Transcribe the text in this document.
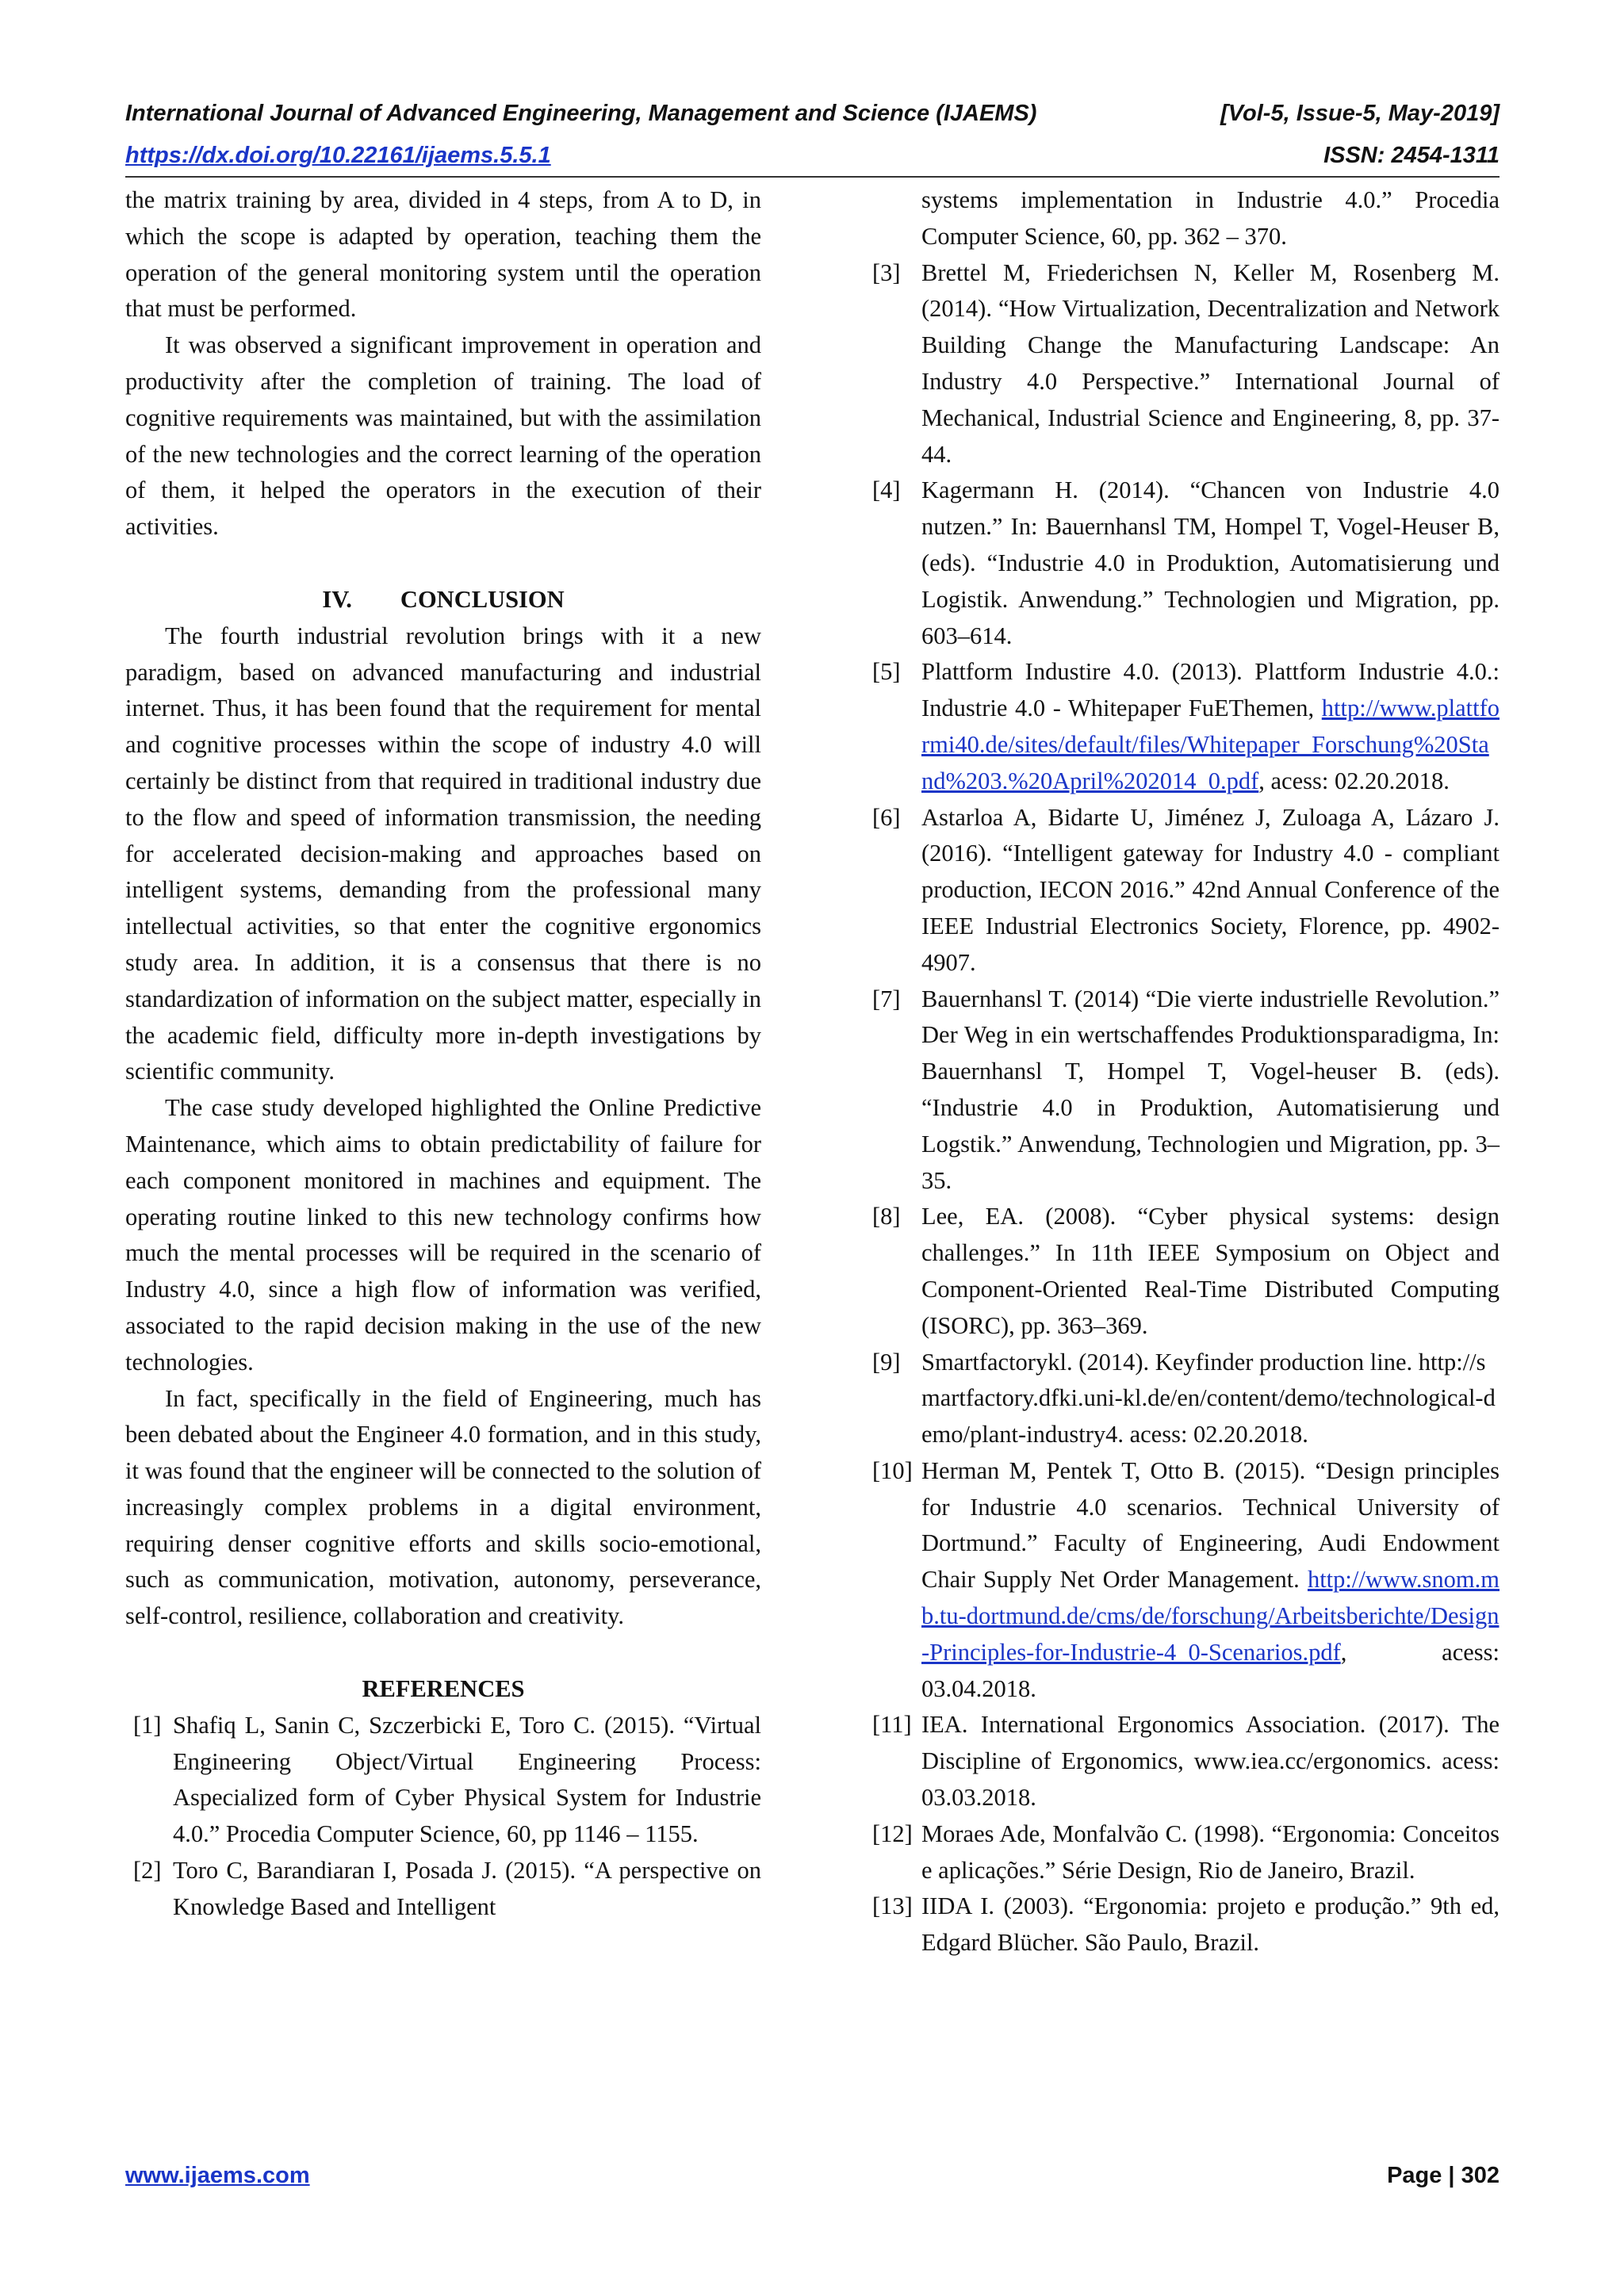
International Journal of Advanced Engineering, Management and Science (IJAEMS)	[Vol-5, Issue-5, May-2019]
https://dx.doi.org/10.22161/ijaems.5.5.1	ISSN: 2454-1311

the matrix training by area, divided in 4 steps, from A to D, in which the scope is adapted by operation, teaching them the operation of the general monitoring system until the operation that must be performed.

It was observed a significant improvement in operation and productivity after the completion of training. The load of cognitive requirements was maintained, but with the assimilation of the new technologies and the correct learning of the operation of them, it helped the operators in the execution of their activities.

IV.        CONCLUSION

The fourth industrial revolution brings with it a new paradigm, based on advanced manufacturing and industrial internet. Thus, it has been found that the requirement for mental and cognitive processes within the scope of industry 4.0 will certainly be distinct from that required in traditional industry due to the flow and speed of information transmission, the needing for accelerated decision-making and approaches based on intelligent systems, demanding from the professional many intellectual activities, so that enter the cognitive ergonomics study area. In addition, it is a consensus that there is no standardization of information on the subject matter, especially in the academic field, difficulty more in-depth investigations by scientific community.

The case study developed highlighted the Online Predictive Maintenance, which aims to obtain predictability of failure for each component monitored in machines and equipment. The operating routine linked to this new technology confirms how much the mental processes will be required in the scenario of Industry 4.0, since a high flow of information was verified, associated to the rapid decision making in the use of the new technologies.

In fact, specifically in the field of Engineering, much has been debated about the Engineer 4.0 formation, and in this study, it was found that the engineer will be connected to the solution of increasingly complex problems in a digital environment, requiring denser cognitive efforts and skills socio-emotional, such as communication, motivation, autonomy, perseverance, self-control, resilience, collaboration and creativity.

REFERENCES

[1] Shafiq L, Sanin C, Szczerbicki E, Toro C. (2015). “Virtual Engineering Object/Virtual Engineering Process: Aspecialized form of Cyber Physical System for Industrie 4.0.” Procedia Computer Science, 60, pp 1146 – 1155.
[2] Toro C, Barandiaran I, Posada J. (2015). “A perspective on Knowledge Based and Intelligent
systems implementation in Industrie 4.0.” Procedia Computer Science, 60, pp. 362 – 370.
[3] Brettel M, Friederichsen N, Keller M, Rosenberg M. (2014). “How Virtualization, Decentralization and Network Building Change the Manufacturing Landscape: An Industry 4.0 Perspective.” International Journal of Mechanical, Industrial Science and Engineering, 8, pp. 37-44.
[4] Kagermann H. (2014). “Chancen von Industrie 4.0 nutzen.” In: Bauernhansl TM, Hompel T, Vogel-Heuser B, (eds). “Industrie 4.0 in Produktion, Automatisierung und Logistik. Anwendung.” Technologien und Migration, pp. 603–614.
[5] Plattform Industire 4.0. (2013). Plattform Industrie 4.0.: Industrie 4.0 - Whitepaper FuEThemen, http://www.plattformi40.de/sites/default/files/Whitepaper_Forschung%20Stand%203.%20April%202014_0.pdf, acess: 02.20.2018.
[6] Astarloa A, Bidarte U, Jiménez J, Zuloaga A, Lázaro J. (2016). “Intelligent gateway for Industry 4.0 - compliant production, IECON 2016.” 42nd Annual Conference of the IEEE Industrial Electronics Society, Florence, pp. 4902-4907.
[7] Bauernhansl T. (2014) “Die vierte industrielle Revolution.” Der Weg in ein wertschaffendes Produktionsparadigma, In: Bauernhansl T, Hompel T, Vogel-heuser B. (eds). “Industrie 4.0 in Produktion, Automatisierung und Logstik.” Anwendung, Technologien und Migration, pp. 3–35.
[8] Lee, EA. (2008). “Cyber physical systems: design challenges.” In 11th IEEE Symposium on Object and Component-Oriented Real-Time Distributed Computing (ISORC), pp. 363–369.
[9] Smartfactorykl. (2014). Keyfinder production line. http://smartfactory.dfki.uni-kl.de/en/content/demo/technological-demo/plant-industry4. acess: 02.20.2018.
[10] Herman M, Pentek T, Otto B. (2015). “Design principles for Industrie 4.0 scenarios. Technical University of Dortmund.” Faculty of Engineering, Audi Endowment Chair Supply Net Order Management. http://www.snom.mb.tu-dortmund.de/cms/de/forschung/Arbeitsberichte/Design-Principles-for-Industrie-4_0-Scenarios.pdf, acess: 03.04.2018.
[11] IEA. International Ergonomics Association. (2017). The Discipline of Ergonomics, www.iea.cc/ergonomics. acess: 03.03.2018.
[12] Moraes Ade, Monfalvão C. (1998). “Ergonomia: Conceitos e aplicações.” Série Design, Rio de Janeiro, Brazil.
[13] IIDA I. (2003). “Ergonomia: projeto e produção.” 9th ed, Edgard Blücher. São Paulo, Brazil.
www.ijaems.com	Page | 302
